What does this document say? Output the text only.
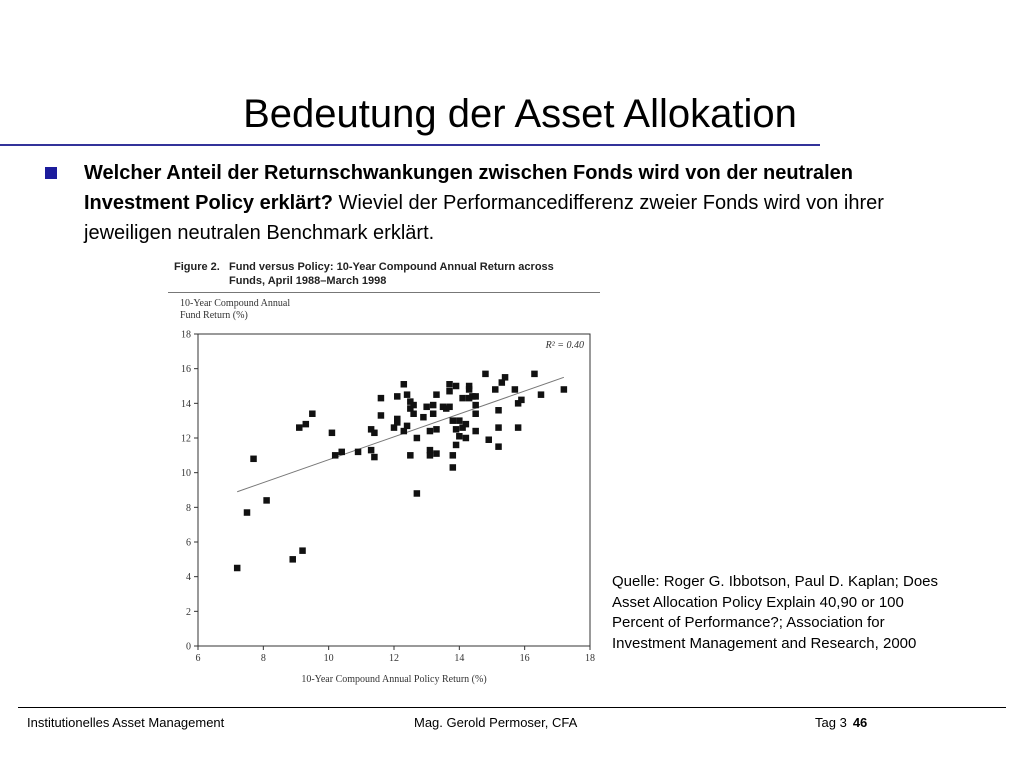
Bedeutung der Asset Allokation
Welcher Anteil der Returnschwankungen zwischen Fonds wird von der neutralen Investment Policy erklärt? Wieviel der Performancedifferenz zweier Fonds wird von ihrer jeweiligen neutralen Benchmark erklärt.
6	8	10	12	14	16	18
0
2
4
6
8
10
12
14
16
18
R² = 0.40
10-Year Compound Annual Policy Return (%)
Figure 2. Fund versus Policy: 10-Year Compound Annual Return across
Funds, April 1988–March 1998
10-Year Compound Annual
Fund Return (%)
Quelle: Roger G. Ibbotson, Paul D. Kaplan; Does Asset Allocation Policy Explain 40,90 or 100 Percent of Performance?; Association for Investment Management and Research, 2000
Institutionelles Asset Management	Mag. Gerold Permoser, CFA	Tag 3 46
